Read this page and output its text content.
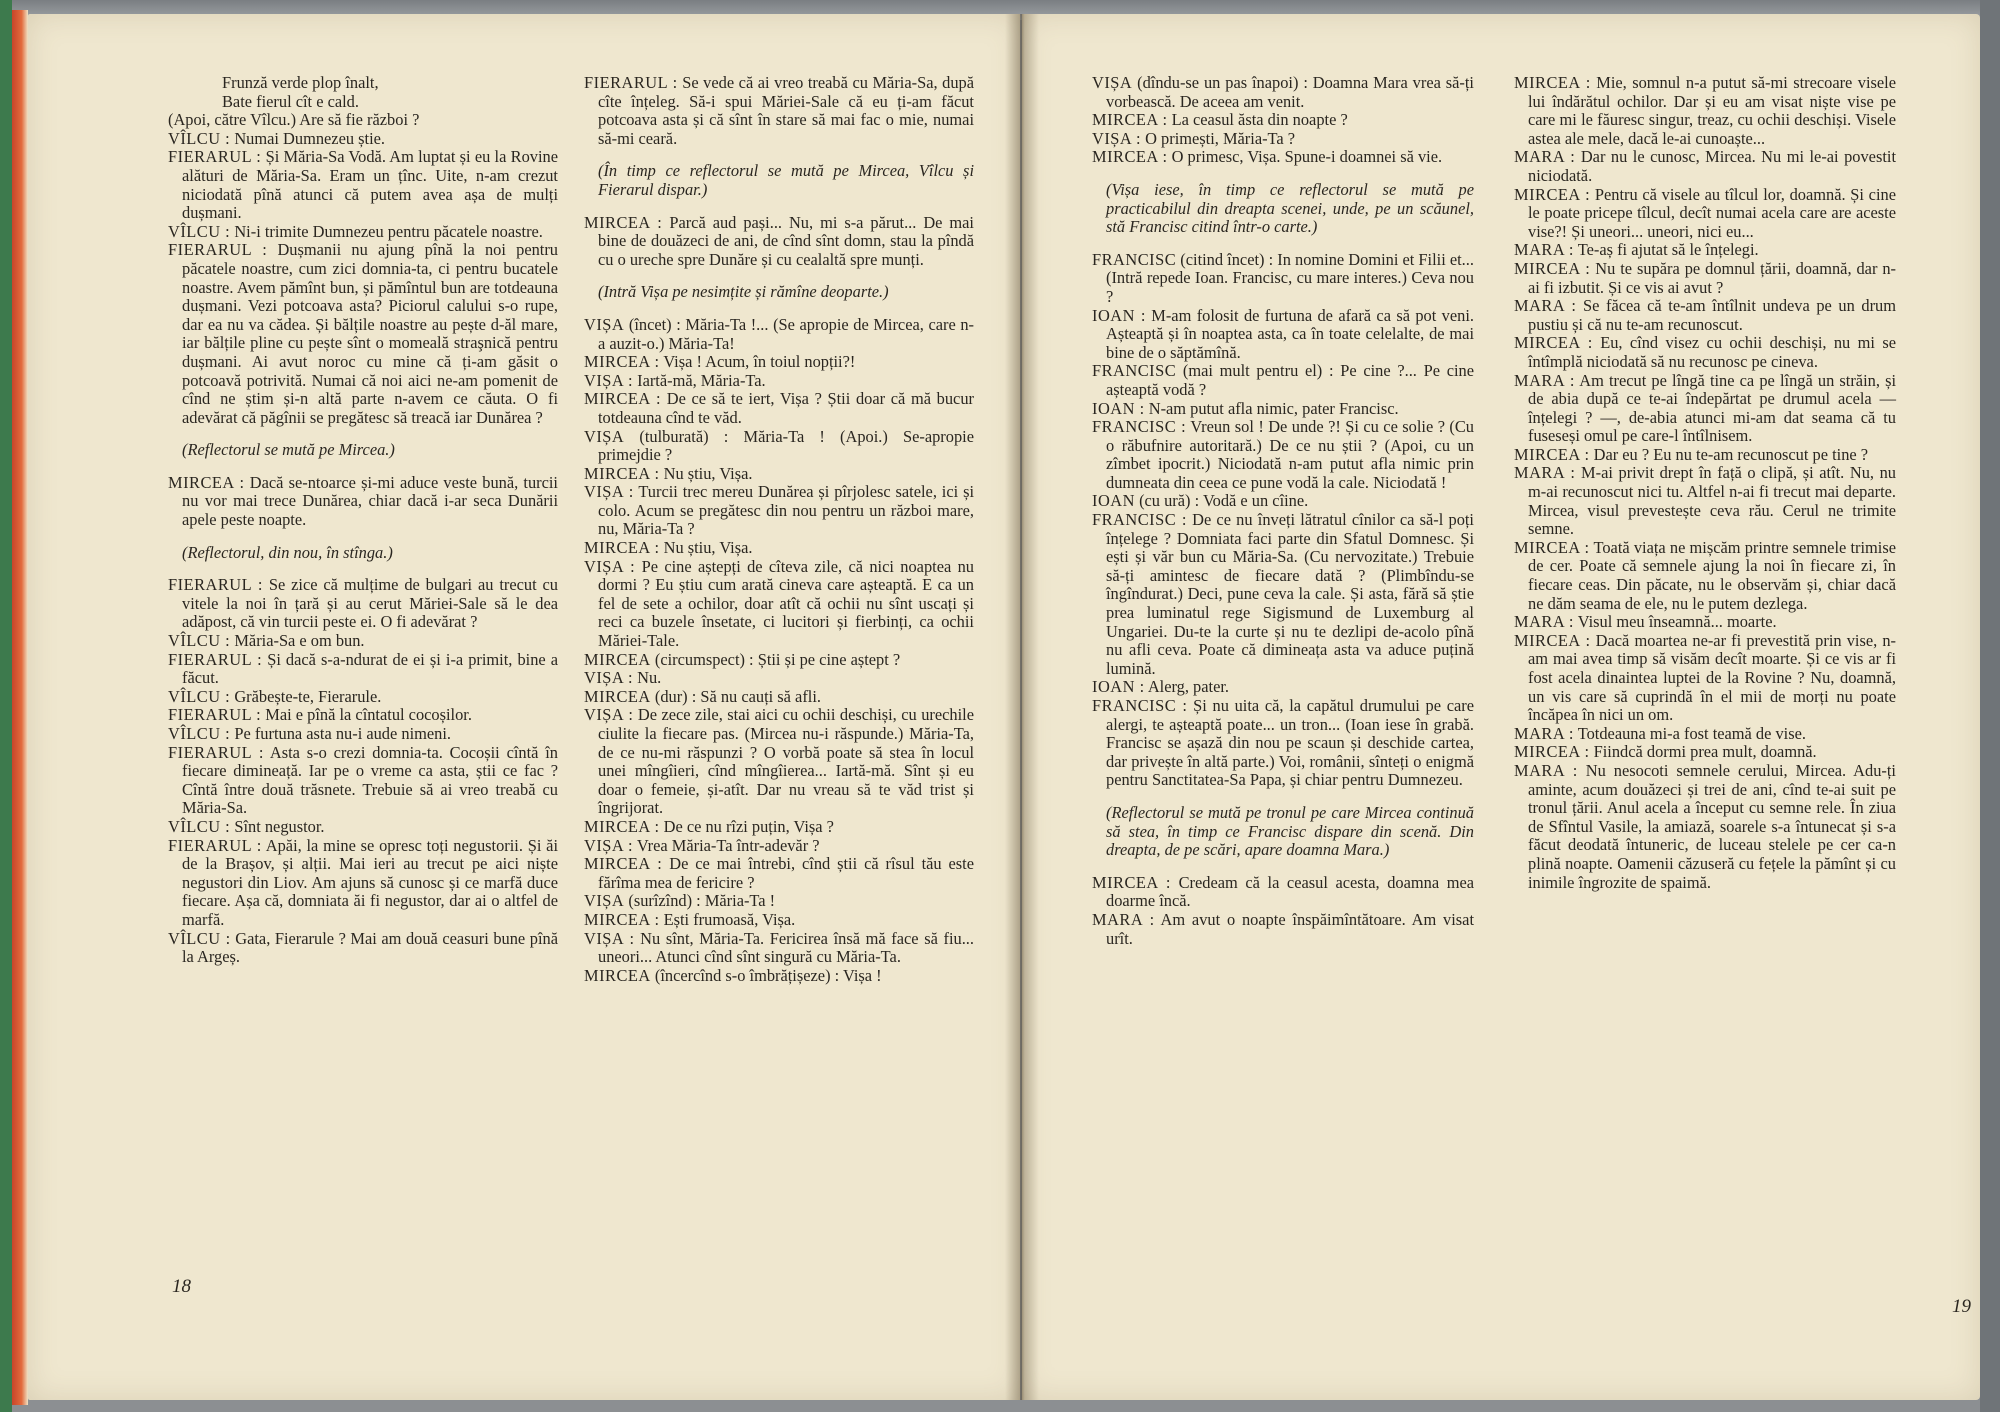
Frunză verde plop înalt,

Bate fierul cît e cald.

(Apoi, către Vîlcu.) Are să fie război ?

VÎLCU : Numai Dumnezeu știe.

FIERARUL : Și Măria-Sa Vodă. Am luptat și eu la Rovine alături de Măria-Sa. Eram un țînc. Uite, n-am crezut niciodată pînă atunci că putem avea așa de mulți dușmani.

VÎLCU : Ni-i trimite Dumnezeu pentru păcatele noastre.

FIERARUL : Dușmanii nu ajung pînă la noi pentru păcatele noastre, cum zici domnia-ta, ci pentru bucatele noastre. Avem pămînt bun, și pămîntul bun are totdeauna dușmani. Vezi potcoava asta? Piciorul calului s-o rupe, dar ea nu va cădea. Și bălțile noastre au pește d-ăl mare, iar bălțile pline cu pește sînt o momeală straşnică pentru dușmani. Ai avut noroc cu mine că ți-am găsit o potcoavă potrivită. Numai că noi aici ne-am pomenit de cînd ne știm și-n altă parte n-avem ce căuta. O fi adevărat că păgînii se pregătesc să treacă iar Dunărea ?

(Reflectorul se mută pe Mircea.)

MIRCEA : Dacă se-ntoarce și-mi aduce veste bună, turcii nu vor mai trece Dunărea, chiar dacă i-ar seca Dunării apele peste noapte.

(Reflectorul, din nou, în stînga.)

FIERARUL : Se zice că mulțime de bulgari au trecut cu vitele la noi în țară și au cerut Măriei-Sale să le dea adăpost, că vin turcii peste ei. O fi adevărat ?

VÎLCU : Măria-Sa e om bun.

FIERARUL : Și dacă s-a-ndurat de ei și i-a primit, bine a făcut.

VÎLCU : Grăbește-te, Fierarule.

FIERARUL : Mai e pînă la cîntatul cocoșilor.

VÎLCU : Pe furtuna asta nu-i aude nimeni.

FIERARUL : Asta s-o crezi domnia-ta. Cocoșii cîntă în fiecare dimineață. Iar pe o vreme ca asta, știi ce fac ? Cîntă între două trăsnete. Trebuie să ai vreo treabă cu Măria-Sa.

VÎLCU : Sînt negustor.

FIERARUL : Apăi, la mine se opresc toți negustorii. Și ăi de la Brașov, și alții. Mai ieri au trecut pe aici niște negustori din Liov. Am ajuns să cunosc și ce marfă duce fiecare. Așa că, domniata ăi fi negustor, dar ai o altfel de marfă.

VÎLCU : Gata, Fierarule ? Mai am două ceasuri bune pînă la Argeș.

FIERARUL : Se vede că ai vreo treabă cu Măria-Sa, după cîte înțeleg. Să-i spui Măriei-Sale că eu ți-am făcut potcoava asta și că sînt în stare să mai fac o mie, numai să-mi ceară.

(În timp ce reflectorul se mută pe Mircea, Vîlcu și Fierarul dispar.)

MIRCEA : Parcă aud pași... Nu, mi s-a părut... De mai bine de douăzeci de ani, de cînd sînt domn, stau la pîndă cu o ureche spre Dunăre și cu cealaltă spre munți.

(Intră Vișa pe nesimțite și rămîne deoparte.)

VIȘA (încet) : Măria-Ta !... (Se apropie de Mircea, care n-a auzit-o.) Măria-Ta!

MIRCEA : Vișa ! Acum, în toiul nopții?!

VIȘA : Iartă-mă, Măria-Ta.

MIRCEA : De ce să te iert, Vișa ? Știi doar că mă bucur totdeauna cînd te văd.

VIȘA (tulburată) : Măria-Ta ! (Apoi.) Se-apropie primejdie ?

MIRCEA : Nu știu, Vișa.

VIȘA : Turcii trec mereu Dunărea și pîrjolesc satele, ici și colo. Acum se pregătesc din nou pentru un război mare, nu, Măria-Ta ?

MIRCEA : Nu știu, Vișa.

VIȘA : Pe cine aștepți de cîteva zile, că nici noaptea nu dormi ? Eu știu cum arată cineva care așteaptă. E ca un fel de sete a ochilor, doar atît că ochii nu sînt uscați și reci ca buzele însetate, ci lucitori și fierbinți, ca ochii Măriei-Tale.

MIRCEA (circumspect) : Știi și pe cine aștept ?

VIȘA : Nu.

MIRCEA (dur) : Să nu cauți să afli.

VIȘA : De zece zile, stai aici cu ochii deschiși, cu urechile ciulite la fiecare pas. (Mircea nu-i răspunde.) Măria-Ta, de ce nu-mi răspunzi ? O vorbă poate să stea în locul unei mîngîieri, cînd mîngîierea... Iartă-mă. Sînt și eu doar o femeie, și-atît. Dar nu vreau să te văd trist și îngrijorat.

MIRCEA : De ce nu rîzi puțin, Vișa ?

VIȘA : Vrea Măria-Ta într-adevăr ?

MIRCEA : De ce mai întrebi, cînd știi că rîsul tău este fărîma mea de fericire ?

VIȘA (surîzînd) : Măria-Ta !

MIRCEA : Ești frumoasă, Vișa.

VIȘA : Nu sînt, Măria-Ta. Fericirea însă mă face să fiu... uneori... Atunci cînd sînt singură cu Măria-Ta.

MIRCEA (încercînd s-o îmbrățișeze) : Vișa !

18

VIȘA (dîndu-se un pas înapoi) : Doamna Mara vrea să-ți vorbească. De aceea am venit.

MIRCEA : La ceasul ăsta din noapte ?

VIȘA : O primești, Măria-Ta ?

MIRCEA : O primesc, Vișa. Spune-i doamnei să vie.

(Vișa iese, în timp ce reflectorul se mută pe practicabilul din dreapta scenei, unde, pe un scăunel, stă Francisc citind într-o carte.)

FRANCISC (citind încet) : In nomine Domini et Filii et... (Intră repede Ioan. Francisc, cu mare interes.) Ceva nou ?

IOAN : M-am folosit de furtuna de afară ca să pot veni. Așteaptă și în noaptea asta, ca în toate celelalte, de mai bine de o săptămînă.

FRANCISC (mai mult pentru el) : Pe cine ?... Pe cine așteaptă vodă ?

IOAN : N-am putut afla nimic, pater Francisc.

FRANCISC : Vreun sol ! De unde ?! Și cu ce solie ? (Cu o răbufnire autoritară.) De ce nu știi ? (Apoi, cu un zîmbet ipocrit.) Niciodată n-am putut afla nimic prin dumneata din ceea ce pune vodă la cale. Niciodată !

IOAN (cu ură) : Vodă e un cîine.

FRANCISC : De ce nu înveți lătratul cînilor ca să-l poți înțelege ? Domniata faci parte din Sfatul Domnesc. Și ești și văr bun cu Măria-Sa. (Cu nervozitate.) Trebuie să-ți amintesc de fiecare dată ? (Plimbîndu-se îngîndurat.) Deci, pune ceva la cale. Și asta, fără să știe prea luminatul rege Sigismund de Luxemburg al Ungariei. Du-te la curte și nu te dezlipi de-acolo pînă nu afli ceva. Poate că dimineața asta va aduce puțină lumină.

IOAN : Alerg, pater.

FRANCISC : Și nu uita că, la capătul drumului pe care alergi, te așteaptă poate... un tron... (Ioan iese în grabă. Francisc se așază din nou pe scaun și deschide cartea, dar privește în altă parte.) Voi, românii, sînteți o enigmă pentru Sanctitatea-Sa Papa, și chiar pentru Dumnezeu.

(Reflectorul se mută pe tronul pe care Mircea continuă să stea, în timp ce Francisc dispare din scenă. Din dreapta, de pe scări, apare doamna Mara.)

MIRCEA : Credeam că la ceasul acesta, doamna mea doarme încă.

MARA : Am avut o noapte înspăimîntătoare. Am visat urît.

MIRCEA : Mie, somnul n-a putut să-mi strecoare visele lui îndărătul ochilor. Dar și eu am visat niște vise pe care mi le făuresc singur, treaz, cu ochii deschiși. Visele astea ale mele, dacă le-ai cunoaște...

MARA : Dar nu le cunosc, Mircea. Nu mi le-ai povestit niciodată.

MIRCEA : Pentru că visele au tîlcul lor, doamnă. Și cine le poate pricepe tîlcul, decît numai acela care are aceste vise?! Și uneori... uneori, nici eu...

MARA : Te-aș fi ajutat să le înțelegi.

MIRCEA : Nu te supăra pe domnul țării, doamnă, dar n-ai fi izbutit. Și ce vis ai avut ?

MARA : Se făcea că te-am întîlnit undeva pe un drum pustiu și că nu te-am recunoscut.

MIRCEA : Eu, cînd visez cu ochii deschiși, nu mi se întîmplă niciodată să nu recunosc pe cineva.

MARA : Am trecut pe lîngă tine ca pe lîngă un străin, și de abia după ce te-ai îndepărtat pe drumul acela — înțelegi ? —, de-abia atunci mi-am dat seama că tu fuseseși omul pe care-l întîlnisem.

MIRCEA : Dar eu ? Eu nu te-am recunoscut pe tine ?

MARA : M-ai privit drept în față o clipă, și atît. Nu, nu m-ai recunoscut nici tu. Altfel n-ai fi trecut mai departe. Mircea, visul prevestește ceva rău. Cerul ne trimite semne.

MIRCEA : Toată viața ne mișcăm printre semnele trimise de cer. Poate că semnele ajung la noi în fiecare zi, în fiecare ceas. Din păcate, nu le observăm și, chiar dacă ne dăm seama de ele, nu le putem dezlega.

MARA : Visul meu înseamnă... moarte.

MIRCEA : Dacă moartea ne-ar fi prevestită prin vise, n-am mai avea timp să visăm decît moarte. Și ce vis ar fi fost acela dinaintea luptei de la Rovine ? Nu, doamnă, un vis care să cuprindă în el mii de morți nu poate încăpea în nici un om.

MARA : Totdeauna mi-a fost teamă de vise.

MIRCEA : Fiindcă dormi prea mult, doamnă.

MARA : Nu nesocoti semnele cerului, Mircea. Adu-ți aminte, acum douăzeci și trei de ani, cînd te-ai suit pe tronul țării. Anul acela a început cu semne rele. În ziua de Sfîntul Vasile, la amiază, soarele s-a întunecat și s-a făcut deodată întuneric, de luceau stelele pe cer ca-n plină noapte. Oamenii căzuseră cu fețele la pămînt și cu inimile îngrozite de spaimă.

19
